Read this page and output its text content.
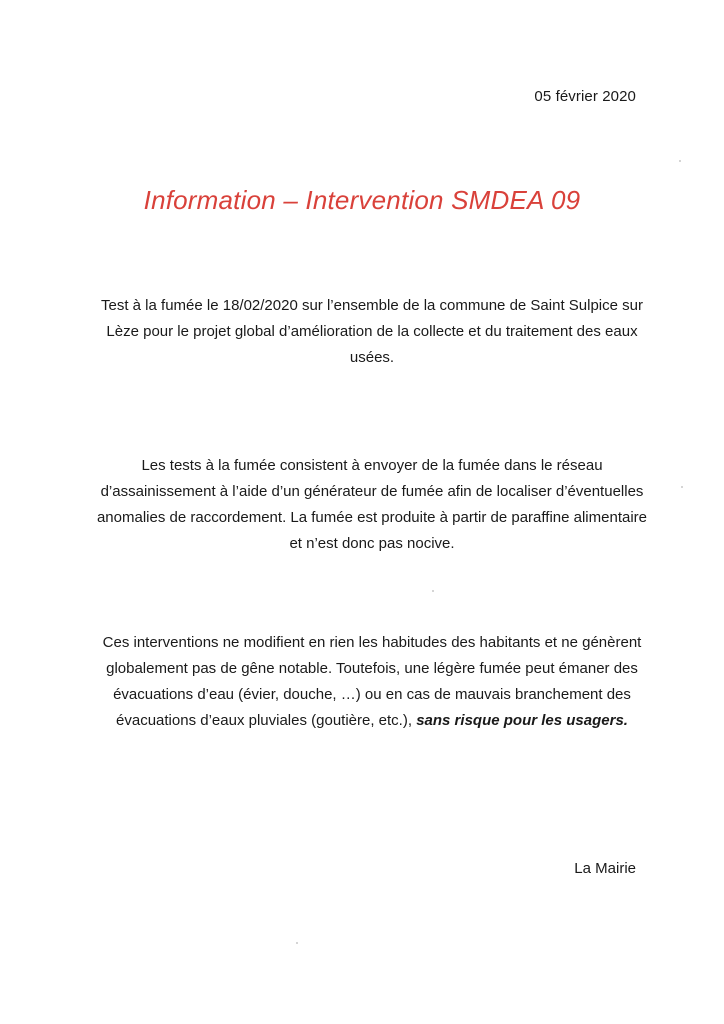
05 février 2020
Information – Intervention SMDEA 09
Test à la fumée le 18/02/2020 sur l’ensemble de la commune de Saint Sulpice sur Lèze pour le projet global d’amélioration de la collecte et du traitement des eaux usées.
Les tests à la fumée consistent à envoyer de la fumée dans le réseau d’assainissement à l’aide d’un générateur de fumée afin de localiser d’éventuelles anomalies de raccordement. La fumée est produite à partir de paraffine alimentaire et n’est donc pas nocive.
Ces interventions ne modifient en rien les habitudes des habitants et ne génèrent globalement pas de gêne notable. Toutefois, une légère fumée peut émaner des évacuations d’eau (évier, douche, …) ou en cas de mauvais branchement des évacuations d’eaux pluviales (goutière, etc.), sans risque pour les usagers.
La Mairie
